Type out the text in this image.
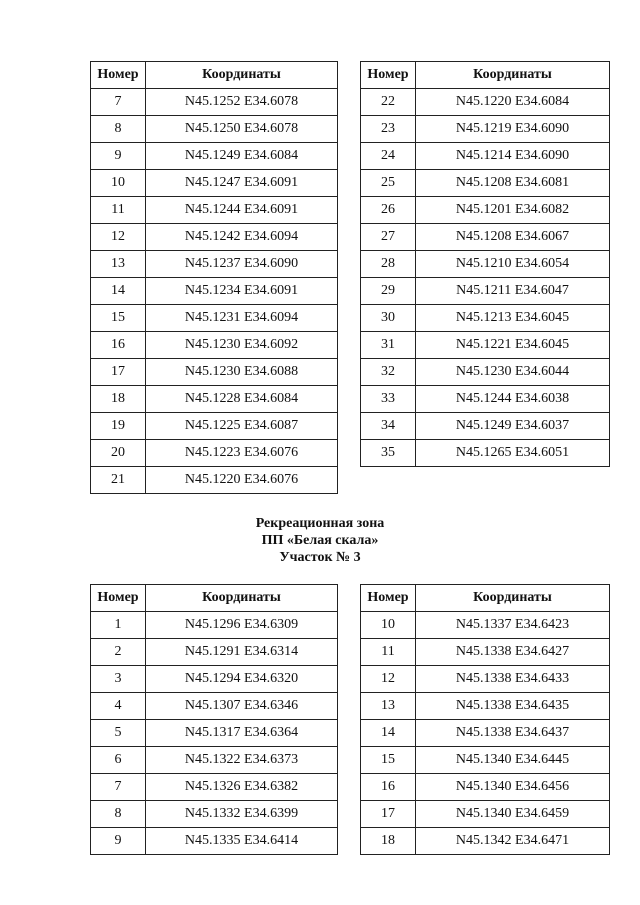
Номер	Координаты
7	N45.1252 E34.6078
8	N45.1250 E34.6078
9	N45.1249 E34.6084
10	N45.1247 E34.6091
11	N45.1244 E34.6091
12	N45.1242 E34.6094
13	N45.1237 E34.6090
14	N45.1234 E34.6091
15	N45.1231 E34.6094
16	N45.1230 E34.6092
17	N45.1230 E34.6088
18	N45.1228 E34.6084
19	N45.1225 E34.6087
20	N45.1223 E34.6076
21	N45.1220 E34.6076
Номер	Координаты
22	N45.1220 E34.6084
23	N45.1219 E34.6090
24	N45.1214 E34.6090
25	N45.1208 E34.6081
26	N45.1201 E34.6082
27	N45.1208 E34.6067
28	N45.1210 E34.6054
29	N45.1211 E34.6047
30	N45.1213 E34.6045
31	N45.1221 E34.6045
32	N45.1230 E34.6044
33	N45.1244 E34.6038
34	N45.1249 E34.6037
35	N45.1265 E34.6051
Рекреационная зона
ПП «Белая скала»
Участок № 3
Номер	Координаты
1	N45.1296 E34.6309
2	N45.1291 E34.6314
3	N45.1294 E34.6320
4	N45.1307 E34.6346
5	N45.1317 E34.6364
6	N45.1322 E34.6373
7	N45.1326 E34.6382
8	N45.1332 E34.6399
9	N45.1335 E34.6414
Номер	Координаты
10	N45.1337 E34.6423
11	N45.1338 E34.6427
12	N45.1338 E34.6433
13	N45.1338 E34.6435
14	N45.1338 E34.6437
15	N45.1340 E34.6445
16	N45.1340 E34.6456
17	N45.1340 E34.6459
18	N45.1342 E34.6471
